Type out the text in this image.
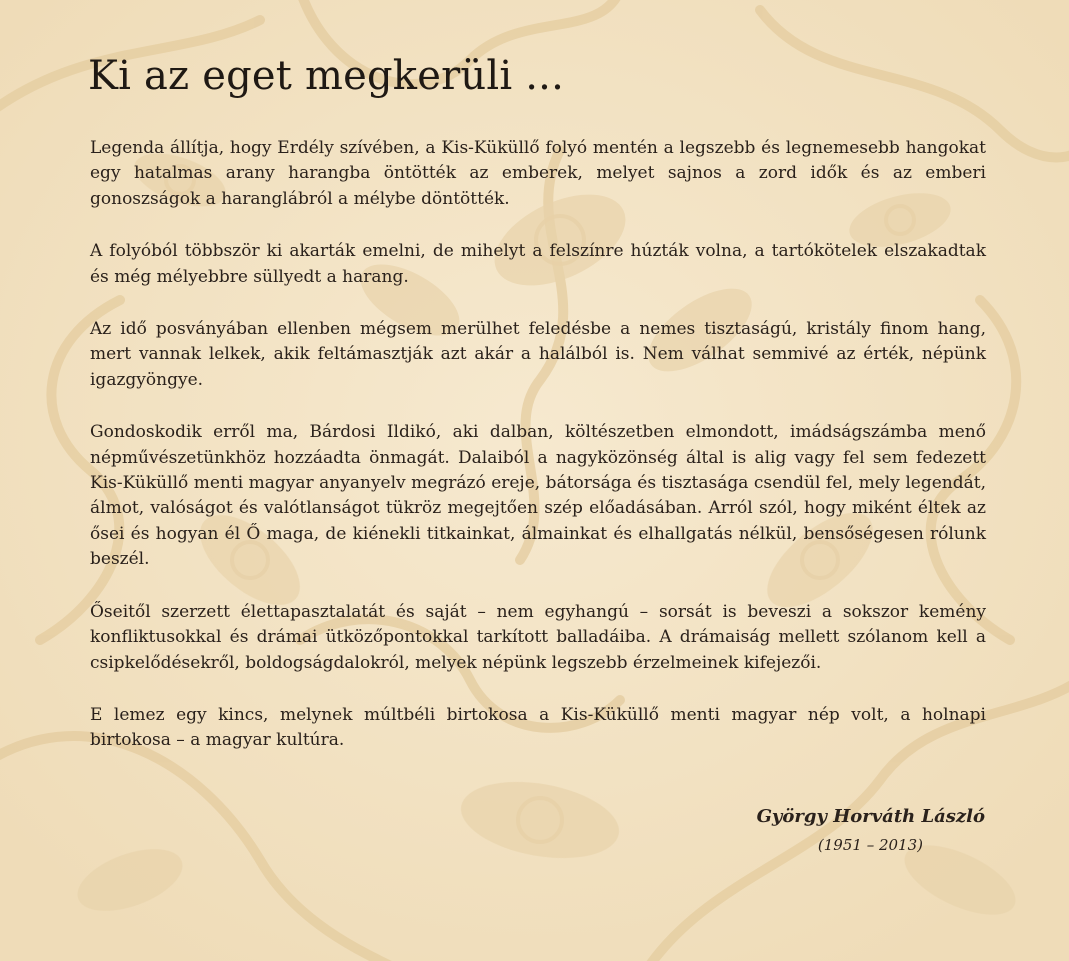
Ki az eget megkerüli ...

Legenda állítja, hogy Erdély szívében, a Kis-Küküllő folyó mentén a legszebb és legnemesebb hangokat egy hatalmas arany harangba öntötték az emberek, melyet sajnos a zord idők és az emberi gonoszságok a haranglábról a mélybe döntötték.

A folyóból többször ki akarták emelni, de mihelyt a felszínre húzták volna, a tartókötelek elszakadtak és még mélyebbre süllyedt a harang.

Az idő posványában ellenben mégsem merülhet feledésbe a nemes tisztaságú, kristály finom hang, mert vannak lelkek, akik feltámasztják azt akár a halálból is. Nem válhat semmivé az érték, népünk igazgyöngye.

Gondoskodik erről ma, Bárdosi Ildikó, aki dalban, költészetben elmondott, imádságszámba menő népművészetünkhöz hozzáadta önmagát. Dalaiból a nagyközönség által is alig vagy fel sem fedezett Kis-Küküllő menti magyar anyanyelv megrázó ereje, bátorsága és tisztasága csendül fel, mely legendát, álmot, valóságot és valótlanságot tükröz megejtően szép előadásában. Arról szól, hogy miként éltek az ősei és hogyan él Ő maga, de kiénekli titkainkat, álmainkat és elhallgatás nélkül, bensőségesen rólunk beszél.

Őseitől szerzett élettapasztalatát és saját – nem egyhangú – sorsát is beveszi a sokszor kemény konfliktusokkal és drámai ütközőpontokkal tarkított balladáiba. A drámaiság mellett szólanom kell a csipkelődésekről, boldogságdalokról, melyek népünk legszebb érzelmeinek kifejezői.

E lemez egy kincs, melynek múltbéli birtokosa a Kis-Küküllő menti magyar nép volt, a holnapi birtokosa – a magyar kultúra.

György Horváth László
(1951 – 2013)
